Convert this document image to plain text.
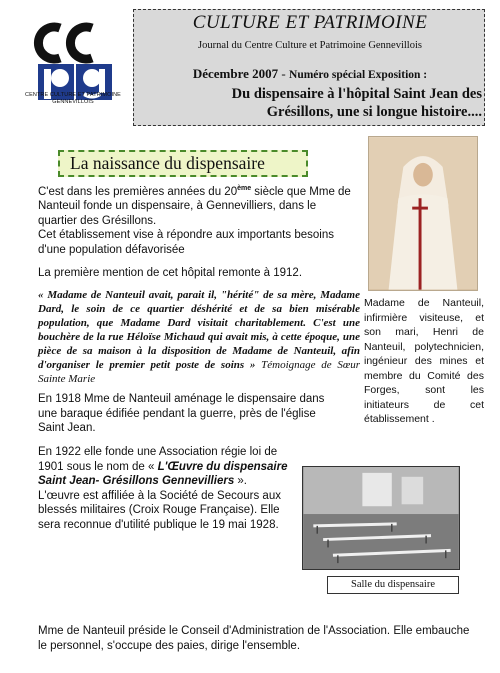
CENTRE CULTURE ET PATRIMOINE
GENNEVILLOIS
CULTURE ET PATRIMOINE
Journal du Centre Culture et Patrimoine Gennevillois
Décembre 2007 - Numéro spécial Exposition :
Du dispensaire à l'hôpital Saint Jean des
Grésillons, une si longue histoire....
La naissance du dispensaire
C'est dans les premières années du 20ème siècle que Mme de Nanteuil fonde un dispensaire, à Gennevilliers, dans le quartier des Grésillons.
Cet établissement vise à répondre aux importants besoins d'une population défavorisée
La première mention de cet hôpital remonte à 1912.
« Madame de Nanteuil avait, parait il, "hérité" de sa mère, Madame Dard, le soin de ce quartier déshérité et de sa bien misérable population, que Madame Dard visitait charitablement. C'est une bouchère de la rue Héloïse Michaud qui avait mis, à cette époque, une pièce de sa maison à la disposition de Madame de Nanteuil, afin d'organiser le premier petit poste de soins » Témoignage de Sœur Sainte Marie
En 1918 Mme de Nanteuil aménage le dispensaire dans une baraque édifiée pendant la guerre, près de l'église Saint Jean.
En 1922 elle fonde une Association régie loi de 1901 sous le nom de « L'Œuvre du dispensaire Saint Jean- Grésillons Gennevilliers ».
L'œuvre est affiliée à la Société de Secours aux blessés militaires (Croix Rouge Française). Elle sera reconnue d'utilité publique le 19 mai 1928.
Mme de Nanteuil préside le Conseil d'Administration de l'Association. Elle embauche le personnel, s'occupe des paies, dirige l'ensemble.
Madame de Nanteuil, infirmière visiteuse, et son mari, Henri de Nanteuil, polytechnicien, ingénieur des mines et membre du Comité des Forges, sont les initiateurs de cet établissement .
Salle du dispensaire
